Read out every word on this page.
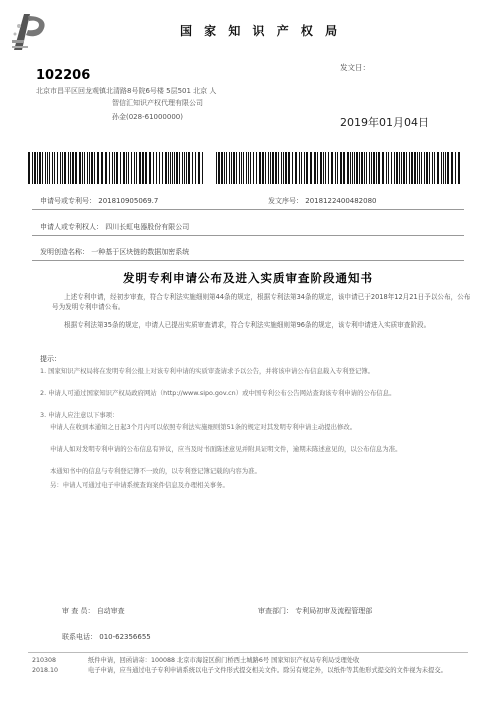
国 家 知 识 产 权 局
102206
发文日：
北京市昌平区回龙观镇北清路8号院6号楼 5层501 北京 人
智信汇知识产权代理有限公司
孙金(028-61000000)	2019年01月04日
申请号或专利号： 201810905069.7	发文序号： 2018122400482080
申请人或专利权人： 四川长虹电器股份有限公司
发明创造名称： 一种基于区块链的数据加密系统
发明专利申请公布及进入实质审查阶段通知书
上述专利申请，经初步审查，符合专利法实施细则第44条的规定，根据专利法第34条的规定，该申请已于2018年12月21日予以公布，公布号为发明专利申请公布。
根据专利法第35条的规定，申请人已提出实质审查请求，符合专利法实施细则第96条的规定，该专利申请进入实质审查阶段。
提示：
1. 国家知识产权局将在发明专利公报上对该专利申请的实质审查请求予以公告，并将该申请公布信息载入专利登记簿。
2. 申请人可通过国家知识产权局政府网站（http://www.sipo.gov.cn）或中国专利公布公告网站查询该专利申请的公布信息。
3. 申请人应注意以下事项：
申请人在收到本通知之日起3个月内可以依照专利法实施细则第51条的规定对其发明专利申请主动提出修改。
申请人如对发明专利申请的公布信息有异议，应当及时书面陈述意见并附具证明文件，逾期未陈述意见的，以公布信息为准。
本通知书中的信息与专利登记簿不一致的，以专利登记簿记载的内容为准。
另：申请人可通过电子申请系统查询案件信息及办理相关事务。
审 查 员： 自动审查	审查部门： 专利局初审及流程管理部
联系电话： 010-62356655
210308
2018.10
纸件申请，回函请寄：100088 北京市海淀区蓟门桥西土城路6号 国家知识产权局专利局受理处收
电子申请，应当通过电子专利申请系统以电子文件形式提交相关文件。除另有规定外，以纸件等其他形式提交的文件视为未提交。
